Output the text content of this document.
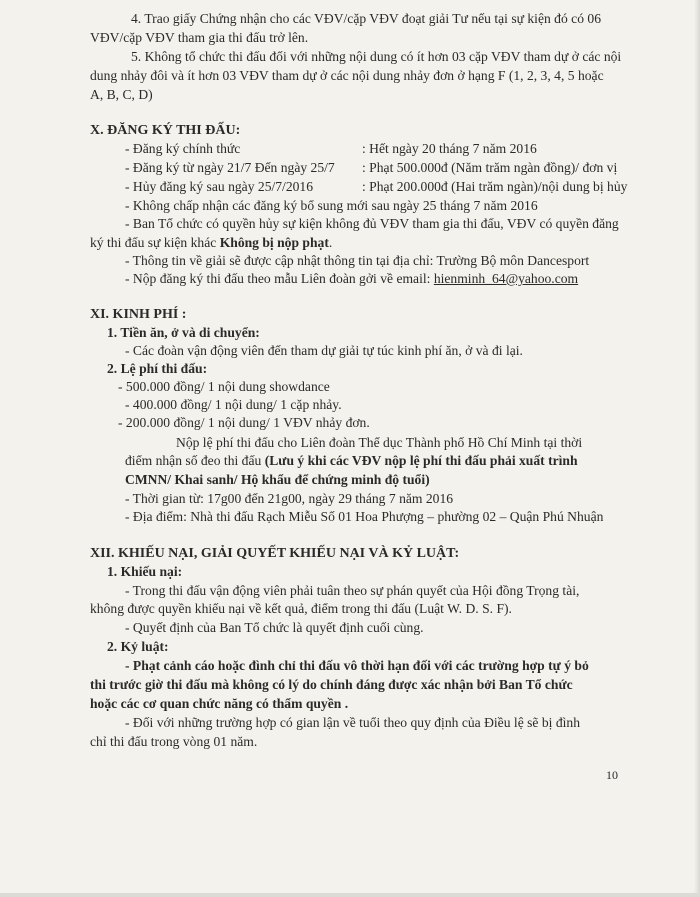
4. Trao giấy Chứng nhận cho các VĐV/cặp VĐV đoạt giải Tư nếu tại sự kiện đó có 06
VĐV/cặp VĐV tham gia thi đấu trở lên.
5. Không tổ chức thi đấu đối với những nội dung có ít hơn 03 cặp VĐV tham dự ở các nội
dung nhảy đôi và ít hơn 03 VĐV tham dự ở các nội dung nhảy đơn ở hạng F (1, 2, 3, 4, 5 hoặc
A, B, C, D)
X. ĐĂNG KÝ THI ĐẤU:
- Đăng ký chính thức	: Hết ngày 20 tháng 7 năm 2016
- Đăng ký từ ngày 21/7 Đến ngày 25/7 : Phạt 500.000đ (Năm trăm ngàn đồng)/ đơn vị
- Hủy đăng ký sau ngày 25/7/2016	: Phạt 200.000đ (Hai trăm ngàn)/nội dung bị hủy
- Không chấp nhận các đăng ký bổ sung mới sau ngày 25 tháng 7 năm 2016
- Ban Tổ chức có quyền hủy sự kiện không đủ VĐV tham gia thi đấu, VĐV có quyền đăng
ký thi đấu sự kiện khác Không bị nộp phạt.
- Thông tin về giải sẽ được cập nhật thông tin tại địa chỉ: Trường Bộ môn Dancesport
- Nộp đăng ký thi đấu theo mẫu Liên đoàn gởi về email: hienminh_64@yahoo.com
XI. KINH PHÍ :
1. Tiền ăn, ở và di chuyển:
- Các đoàn vận động viên đến tham dự giải tự túc kinh phí ăn, ở và đi lại.
2. Lệ phí thi đấu:
- 500.000 đồng/ 1 nội dung showdance
- 400.000 đồng/ 1 nội dung/ 1 cặp nhảy.
- 200.000 đồng/ 1 nội dung/ 1 VĐV nhảy đơn.
Nộp lệ phí thi đấu cho Liên đoàn Thể dục Thành phố Hồ Chí Minh tại thời
điểm nhận số đeo thi đấu (Lưu ý khi các VĐV nộp lệ phí thi đấu phải xuất trình
CMNN/ Khai sanh/ Hộ khẩu để chứng minh độ tuổi)
- Thời gian từ: 17g00 đến 21g00, ngày 29 tháng 7 năm 2016
- Địa điểm: Nhà thi đấu Rạch Miễu Số 01 Hoa Phượng – phường 02 – Quận Phú Nhuận
XII. KHIẾU NẠI, GIẢI QUYẾT KHIẾU NẠI VÀ KỶ LUẬT:
1. Khiếu nại:
- Trong thi đấu vận động viên phải tuân theo sự phán quyết của Hội đồng Trọng tài,
không được quyền khiếu nại về kết quả, điểm trong thi đấu (Luật W. D. S. F).
- Quyết định của Ban Tổ chức là quyết định cuối cùng.
2. Kỷ luật:
- Phạt cảnh cáo hoặc đình chỉ thi đấu vô thời hạn đối với các trường hợp tự ý bỏ
thi trước giờ thi đấu mà không có lý do chính đáng được xác nhận bởi Ban Tổ chức
hoặc các cơ quan chức năng có thẩm quyền .
- Đối với những trường hợp có gian lận về tuổi theo quy định của Điều lệ sẽ bị đình
chỉ thi đấu trong vòng 01 năm.
10
